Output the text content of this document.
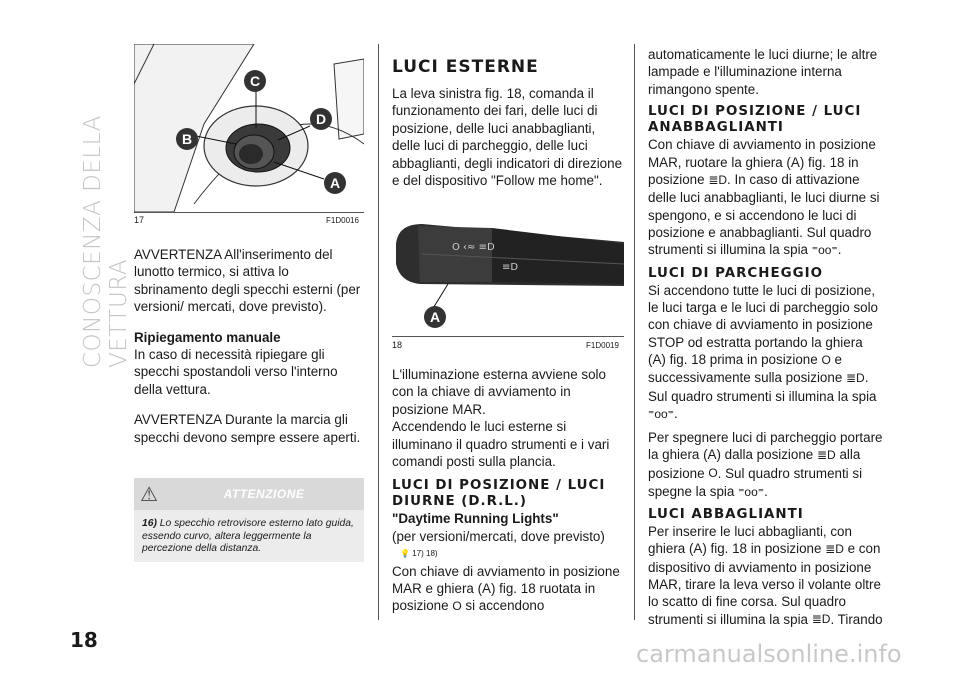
CONOSCENZA DELLA VETTURA
C
D
B
A
17	F1D0016

AVVERTENZA All'inserimento del lunotto termico, si attiva lo sbrinamento degli specchi esterni (per versioni/ mercati, dove previsto).

Ripiegamento manuale

In caso di necessità ripiegare gli specchi spostandoli verso l'interno della vettura.

AVVERTENZA Durante la marcia gli specchi devono sempre essere aperti.

⚠	ATTENZIONE
16) Lo specchio retrovisore esterno lato guida, essendo curvo, altera leggermente la percezione della distanza.
LUCI ESTERNE

La leva sinistra fig. 18, comanda il funzionamento dei fari, delle luci di posizione, delle luci anabbaglianti, delle luci di parcheggio, delle luci abbaglianti, degli indicatori di direzione e del dispositivo "Follow me home".

O ‹≈ ≡D
≡D
A
18	F1D0019

L'illuminazione esterna avviene solo con la chiave di avviamento in posizione MAR.

Accendendo le luci esterne si illuminano il quadro strumenti e i vari comandi posti sulla plancia.

LUCI DI POSIZIONE / LUCI DIURNE (D.R.L.)

"Daytime Running Lights"

(per versioni/mercati, dove previsto)

💡 17) 18)

Con chiave di avviamento in posizione MAR e ghiera (A) fig. 18 ruotata in posizione O si accendono

automaticamente le luci diurne; le altre lampade e l'illuminazione interna rimangono spente.

LUCI DI POSIZIONE / LUCI ANABBAGLIANTI

Con chiave di avviamento in posizione MAR, ruotare la ghiera (A) fig. 18 in posizione ≣D. In caso di attivazione delle luci anabbaglianti, le luci diurne si spengono, e si accendono le luci di posizione e anabbaglianti. Sul quadro strumenti si illumina la spia ⁼oo⁼.

LUCI DI PARCHEGGIO

Si accendono tutte le luci di posizione, le luci targa e le luci di parcheggio solo con chiave di avviamento in posizione STOP od estratta portando la ghiera (A) fig. 18 prima in posizione O e successivamente sulla posizione ≣D. Sul quadro strumenti si illumina la spia ⁼oo⁼.

Per spegnere luci di parcheggio portare la ghiera (A) dalla posizione ≣D alla posizione O. Sul quadro strumenti si spegne la spia ⁼oo⁼.

LUCI ABBAGLIANTI

Per inserire le luci abbaglianti, con ghiera (A) fig. 18 in posizione ≣D e con dispositivo di avviamento in posizione MAR, tirare la leva verso il volante oltre lo scatto di fine corsa. Sul quadro strumenti si illumina la spia ≣D. Tirando

18	carmanualsonline.info
